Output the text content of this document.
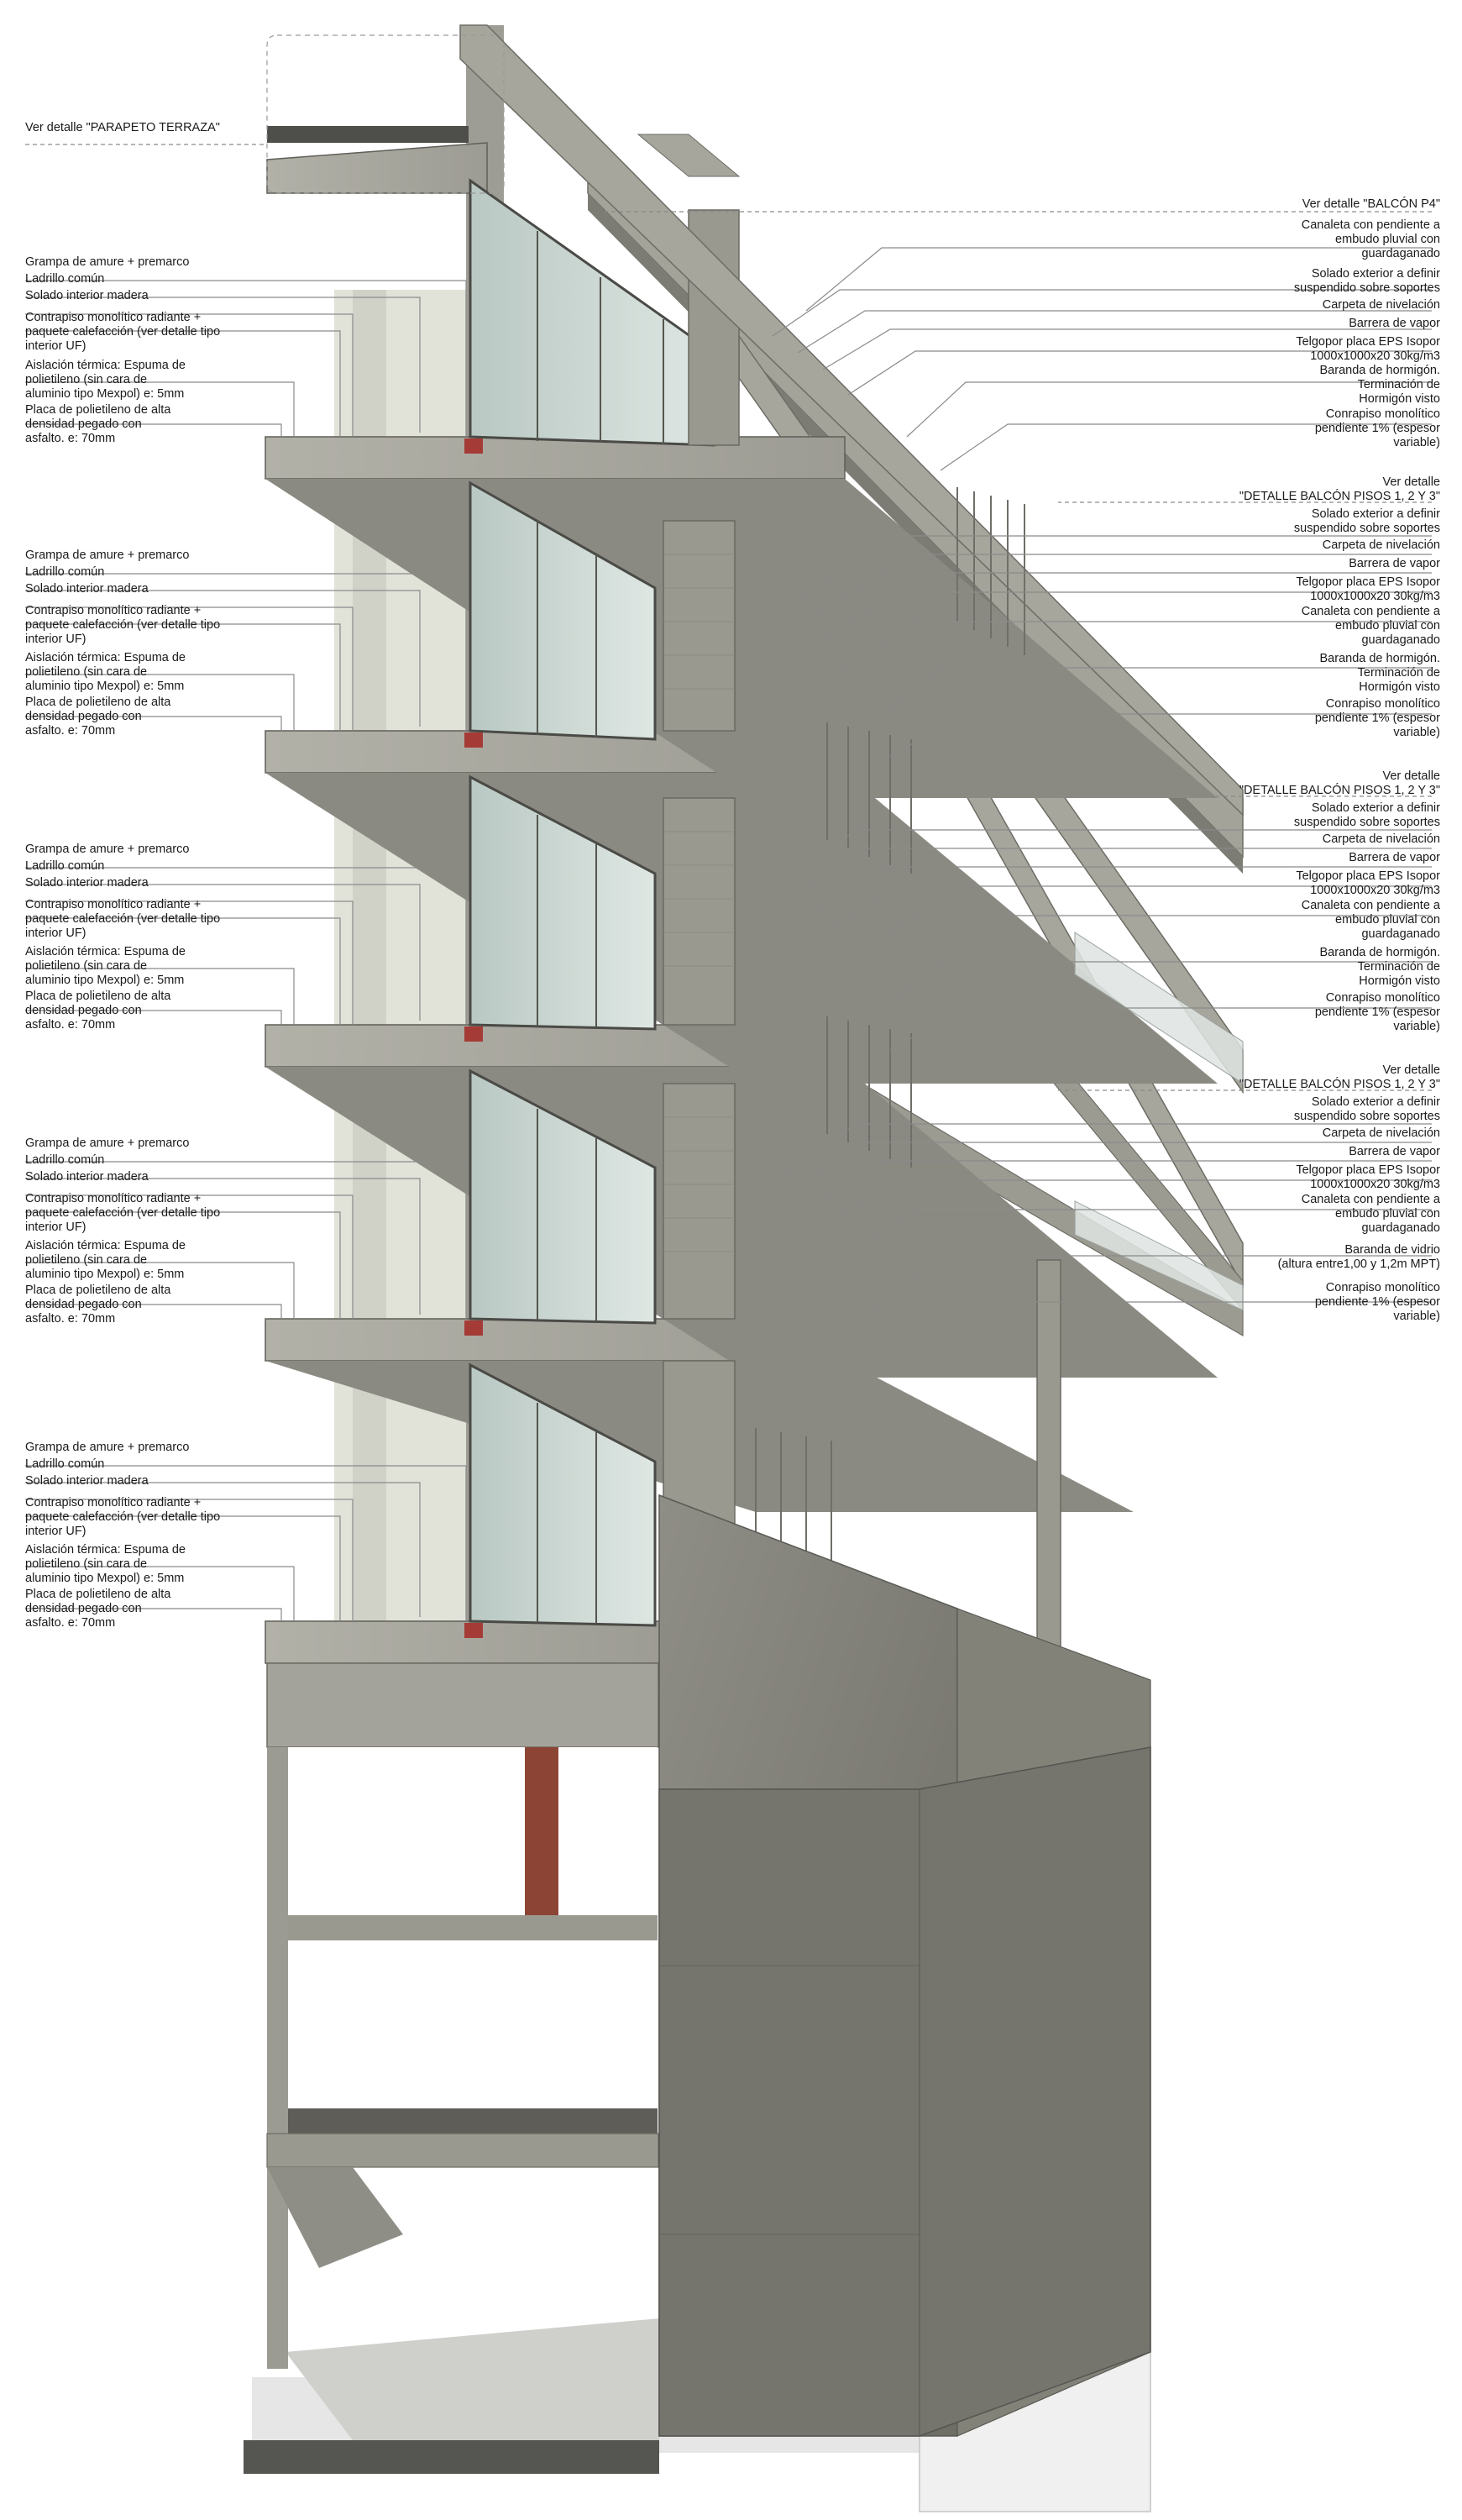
Ver detalle "PARAPETO TERRAZA"
Grampa de amure + premarco
Ladrillo común
Solado interior madera
Contrapiso monolítico radiante +
paquete calefacción (ver detalle tipo
interior UF)
Aislación térmica: Espuma de
polietileno (sin cara de
aluminio tipo Mexpol) e: 5mm
Placa de polietileno de alta
densidad pegado con
asfalto. e: 70mm
Grampa de amure + premarco
Ladrillo común
Solado interior madera
Contrapiso monolítico radiante +
paquete calefacción (ver detalle tipo
interior UF)
Aislación térmica: Espuma de
polietileno (sin cara de
aluminio tipo Mexpol) e: 5mm
Placa de polietileno de alta
densidad pegado con
asfalto. e: 70mm
Grampa de amure + premarco
Ladrillo común
Solado interior madera
Contrapiso monolítico radiante +
paquete calefacción (ver detalle tipo
interior UF)
Aislación térmica: Espuma de
polietileno (sin cara de
aluminio tipo Mexpol) e: 5mm
Placa de polietileno de alta
densidad pegado con
asfalto. e: 70mm
Grampa de amure + premarco
Ladrillo común
Solado interior madera
Contrapiso monolítico radiante +
paquete calefacción (ver detalle tipo
interior UF)
Aislación térmica: Espuma de
polietileno (sin cara de
aluminio tipo Mexpol) e: 5mm
Placa de polietileno de alta
densidad pegado con
asfalto. e: 70mm
Grampa de amure + premarco
Ladrillo común
Solado interior madera
Contrapiso monolítico radiante +
paquete calefacción (ver detalle tipo
interior UF)
Aislación térmica: Espuma de
polietileno (sin cara de
aluminio tipo Mexpol) e: 5mm
Placa de polietileno de alta
densidad pegado con
asfalto. e: 70mm
Ver detalle "BALCÓN P4"
Canaleta con pendiente a
embudo pluvial con
guardaganado
Solado exterior a definir
suspendido sobre soportes
Carpeta de nivelación
Barrera de vapor
Telgopor placa EPS Isopor
1000x1000x20 30kg/m3
Baranda de hormigón.
Terminación de
Hormigón visto
Conrapiso monolítico
pendiente 1% (espesor
variable)
Ver detalle
"DETALLE BALCÓN PISOS 1, 2 Y 3"
Solado exterior a definir
suspendido sobre soportes
Carpeta de nivelación
Barrera de vapor
Telgopor placa EPS Isopor
1000x1000x20 30kg/m3
Canaleta con pendiente a
embudo pluvial con
guardaganado
Baranda de hormigón.
Terminación de
Hormigón visto
Conrapiso monolítico
pendiente 1% (espesor
variable)
Ver detalle
"DETALLE BALCÓN PISOS 1, 2 Y 3"
Solado exterior a definir
suspendido sobre soportes
Carpeta de nivelación
Barrera de vapor
Telgopor placa EPS Isopor
1000x1000x20 30kg/m3
Canaleta con pendiente a
embudo pluvial con
guardaganado
Baranda de hormigón.
Terminación de
Hormigón visto
Conrapiso monolítico
pendiente 1% (espesor
variable)
Ver detalle
"DETALLE BALCÓN PISOS 1, 2 Y 3"
Solado exterior a definir
suspendido sobre soportes
Carpeta de nivelación
Barrera de vapor
Telgopor placa EPS Isopor
1000x1000x20 30kg/m3
Canaleta con pendiente a
embudo pluvial con
guardaganado
Baranda de vidrio
(altura entre1,00 y 1,2m MPT)
Conrapiso monolítico
pendiente 1% (espesor
variable)
